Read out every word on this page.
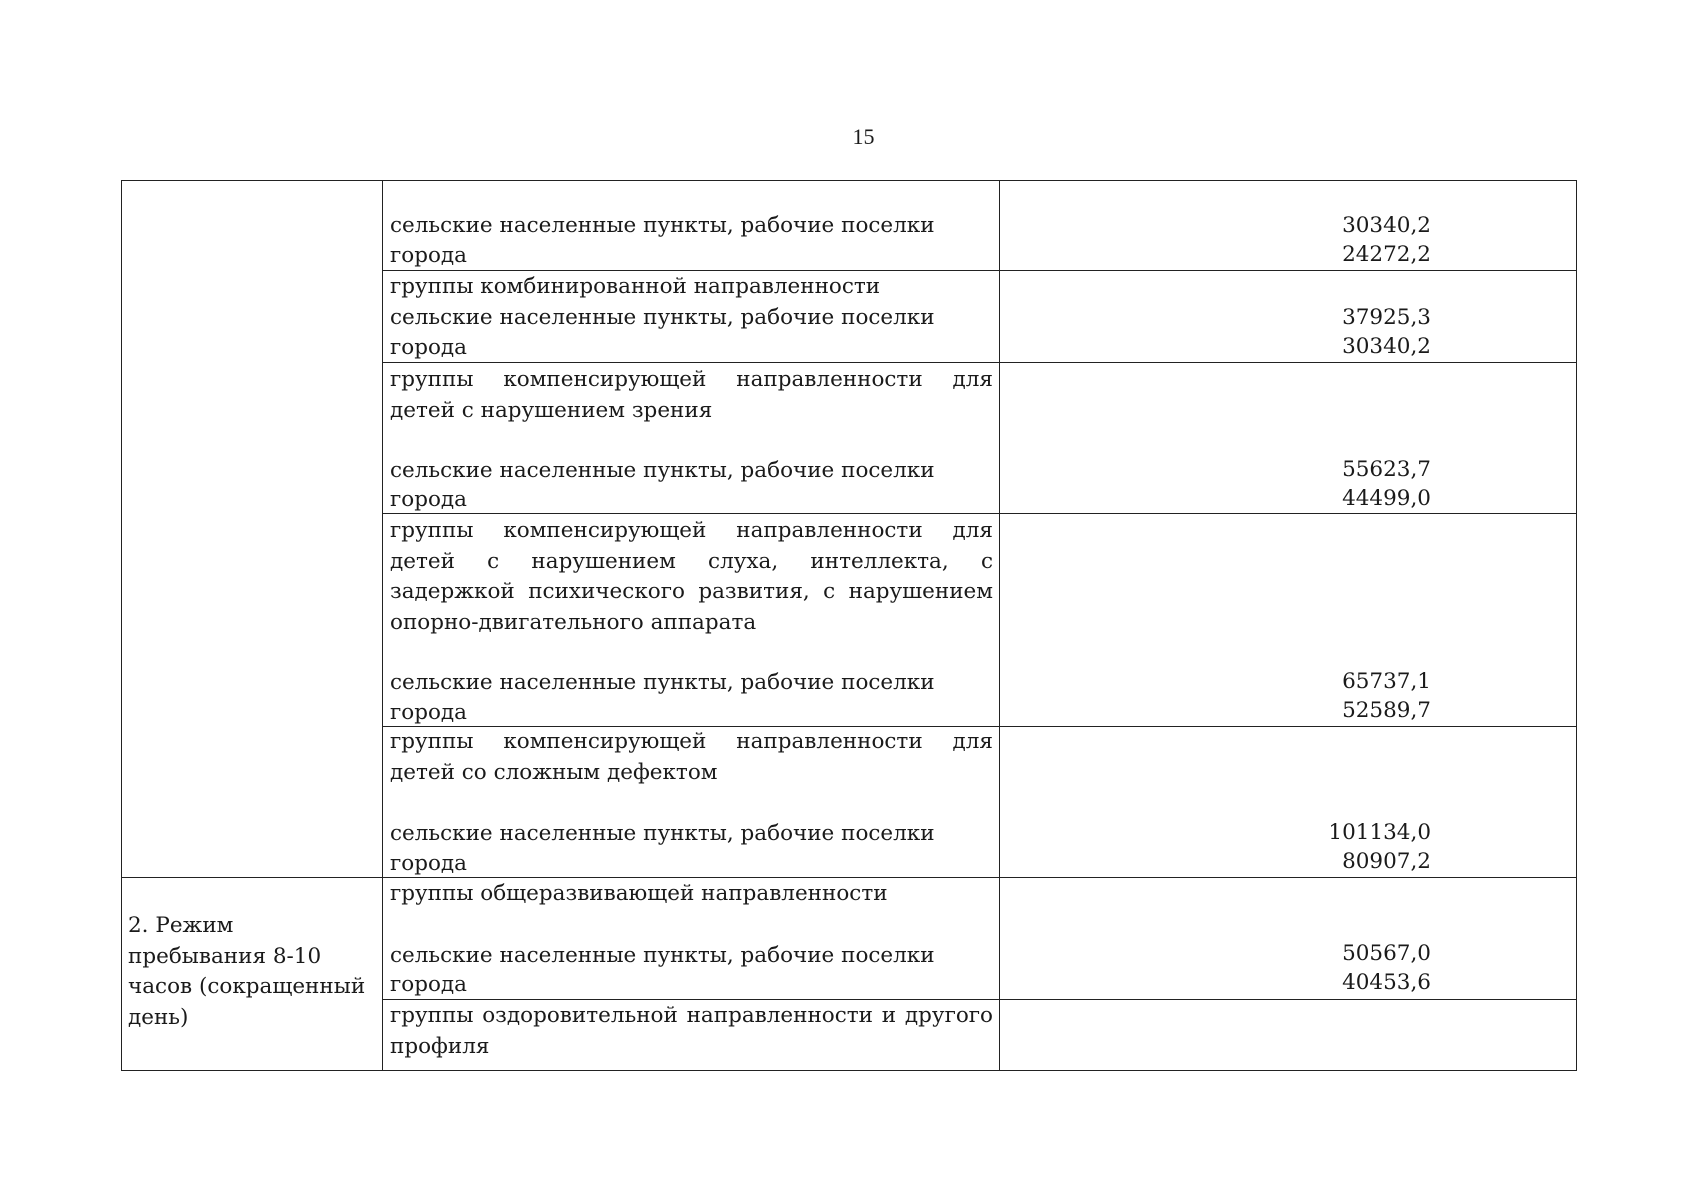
15
сельские населенные пункты, рабочие поселки
города
30340,2
24272,2
группы комбинированной направленности
сельские населенные пункты, рабочие поселки
города
37925,3
30340,2
группы компенсирующей направленности для детей с нарушением зрения
сельские населенные пункты, рабочие поселки
города
55623,7
44499,0
группы компенсирующей направленности для детей с нарушением слуха, интеллекта, с задержкой психического развития, с нарушением опорно-двигательного аппарата
сельские населенные пункты, рабочие поселки
города
65737,1
52589,7
группы компенсирующей направленности для детей со сложным дефектом
сельские населенные пункты, рабочие поселки
города
101134,0
80907,2
2. Режим пребывания 8-10 часов (сокращенный день)
группы общеразвивающей направленности
сельские населенные пункты, рабочие поселки
города
50567,0
40453,6
группы оздоровительной направленности и другого профиля
